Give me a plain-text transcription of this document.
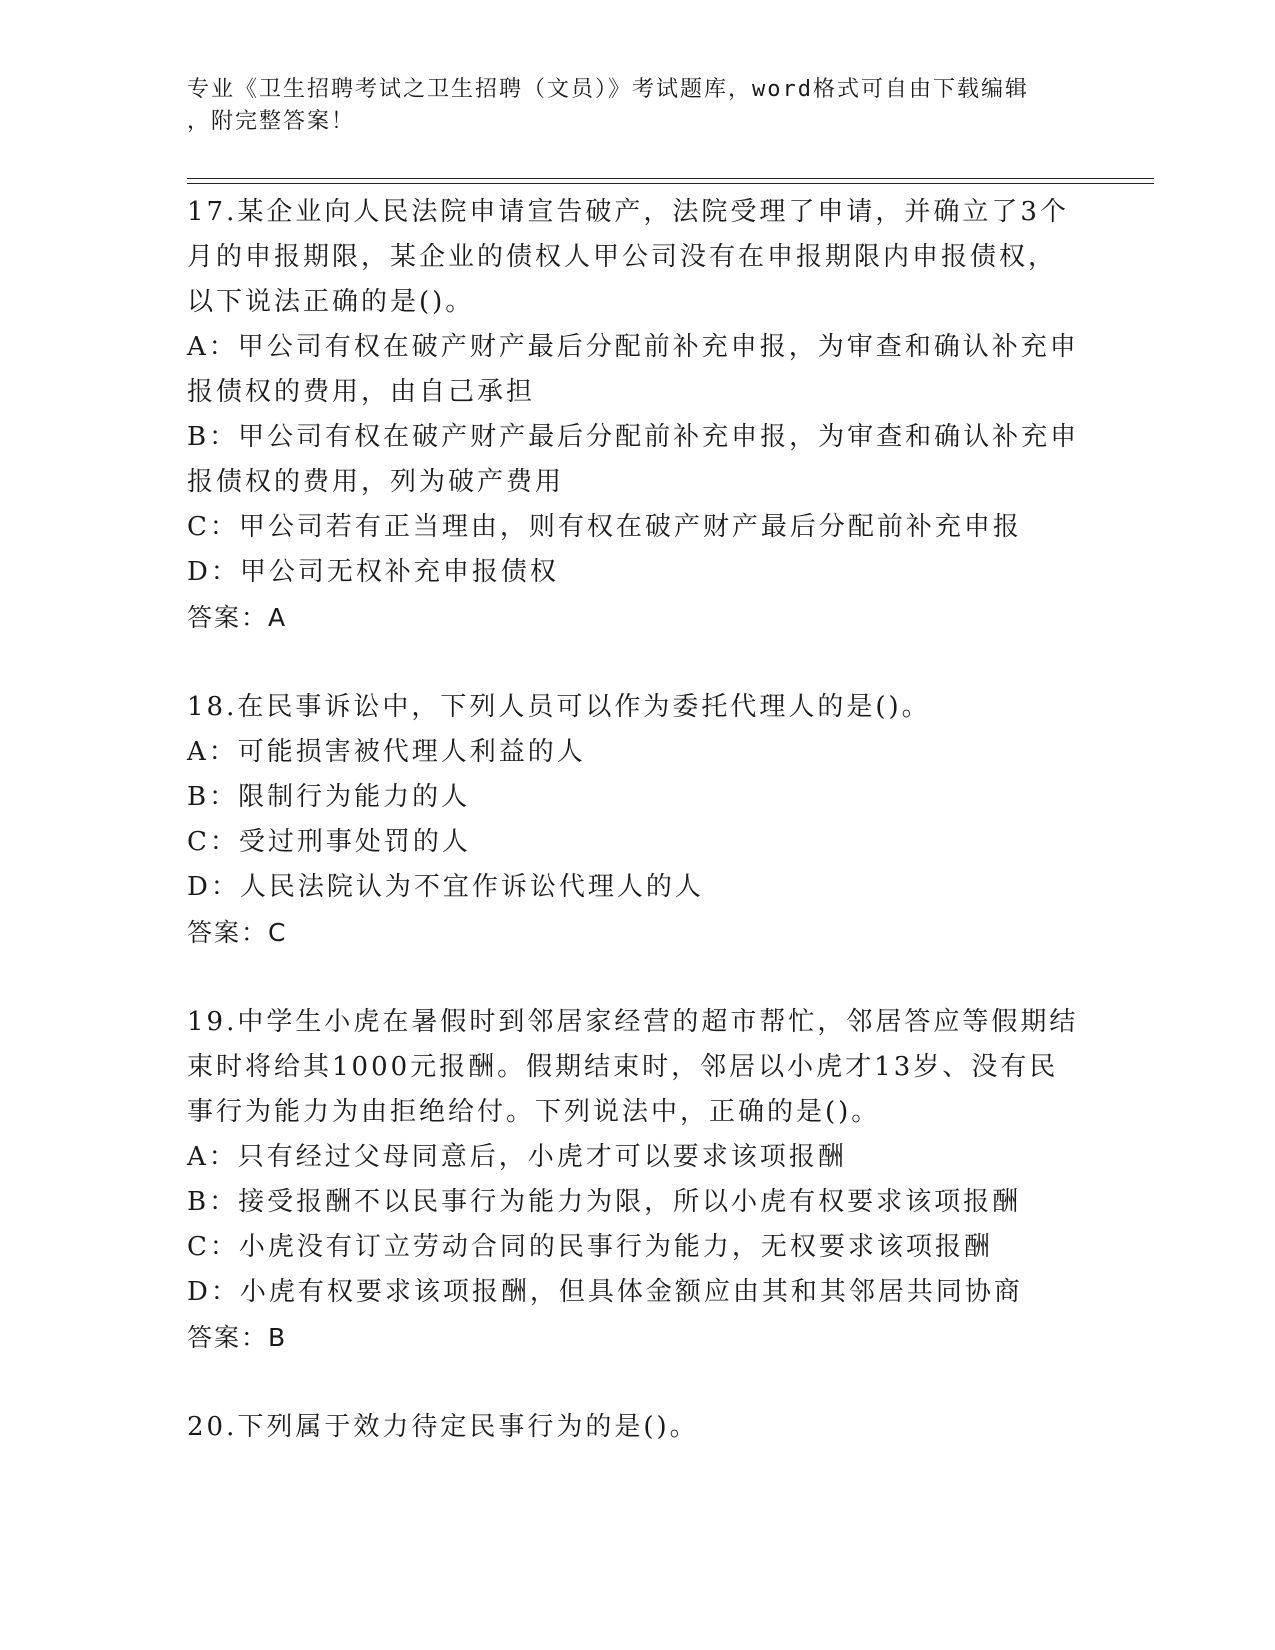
专业《卫生招聘考试之卫生招聘（文员）》考试题库，word格式可自由下载编辑
，附完整答案！

17.某企业向人民法院申请宣告破产，法院受理了申请，并确立了3个

月的申报期限，某企业的债权人甲公司没有在申报期限内申报债权，

以下说法正确的是()。

A：甲公司有权在破产财产最后分配前补充申报，为审查和确认补充申

报债权的费用，由自己承担

B：甲公司有权在破产财产最后分配前补充申报，为审查和确认补充申

报债权的费用，列为破产费用

C：甲公司若有正当理由，则有权在破产财产最后分配前补充申报

D：甲公司无权补充申报债权

答案：A

18.在民事诉讼中，下列人员可以作为委托代理人的是()。

A：可能损害被代理人利益的人

B：限制行为能力的人

C：受过刑事处罚的人

D：人民法院认为不宜作诉讼代理人的人

答案：C

19.中学生小虎在暑假时到邻居家经营的超市帮忙，邻居答应等假期结

束时将给其1000元报酬。假期结束时，邻居以小虎才13岁、没有民

事行为能力为由拒绝给付。下列说法中，正确的是()。

A：只有经过父母同意后，小虎才可以要求该项报酬

B：接受报酬不以民事行为能力为限，所以小虎有权要求该项报酬

C：小虎没有订立劳动合同的民事行为能力，无权要求该项报酬

D：小虎有权要求该项报酬，但具体金额应由其和其邻居共同协商

答案：B

20.下列属于效力待定民事行为的是()。
